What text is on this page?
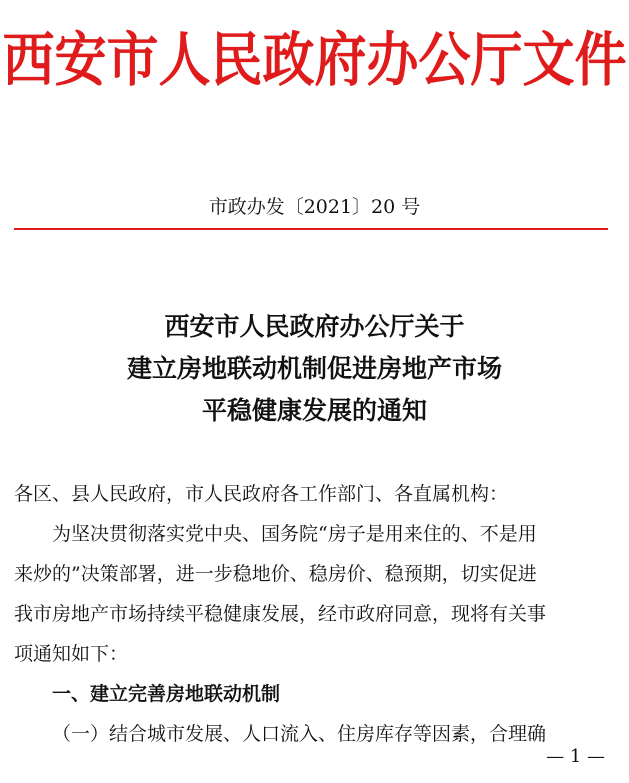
西安市人民政府办公厅文件
市政办发〔2021〕20 号
西安市人民政府办公厅关于
建立房地联动机制促进房地产市场
平稳健康发展的通知
各区、县人民政府，市人民政府各工作部门、各直属机构：
为坚决贯彻落实党中央、国务院“房子是用来住的、不是用
来炒的”决策部署，进一步稳地价、稳房价、稳预期，切实促进
我市房地产市场持续平稳健康发展，经市政府同意，现将有关事
项通知如下：
一、建立完善房地联动机制
（一）结合城市发展、人口流入、住房库存等因素，合理确
— 1 —
